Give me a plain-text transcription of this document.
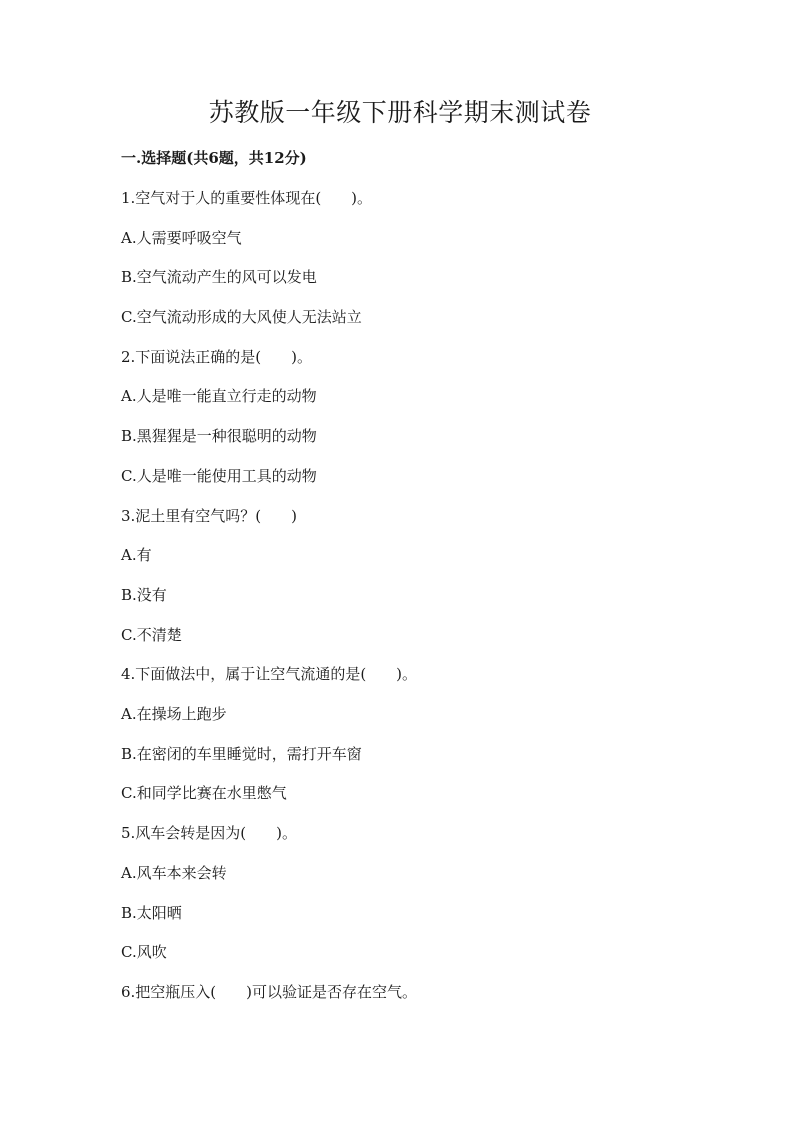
苏教版一年级下册科学期末测试卷
一.选择题(共6题，共12分)

1.空气对于人的重要性体现在(　　)。

A.人需要呼吸空气

B.空气流动产生的风可以发电

C.空气流动形成的大风使人无法站立

2.下面说法正确的是(　　)。

A.人是唯一能直立行走的动物

B.黑猩猩是一种很聪明的动物

C.人是唯一能使用工具的动物

3.泥土里有空气吗？(　　)

A.有

B.没有

C.不清楚

4.下面做法中，属于让空气流通的是(　　)。

A.在操场上跑步

B.在密闭的车里睡觉时，需打开车窗

C.和同学比赛在水里憋气

5.风车会转是因为(　　)。

A.风车本来会转

B.太阳晒

C.风吹

6.把空瓶压入(　　)可以验证是否存在空气。
